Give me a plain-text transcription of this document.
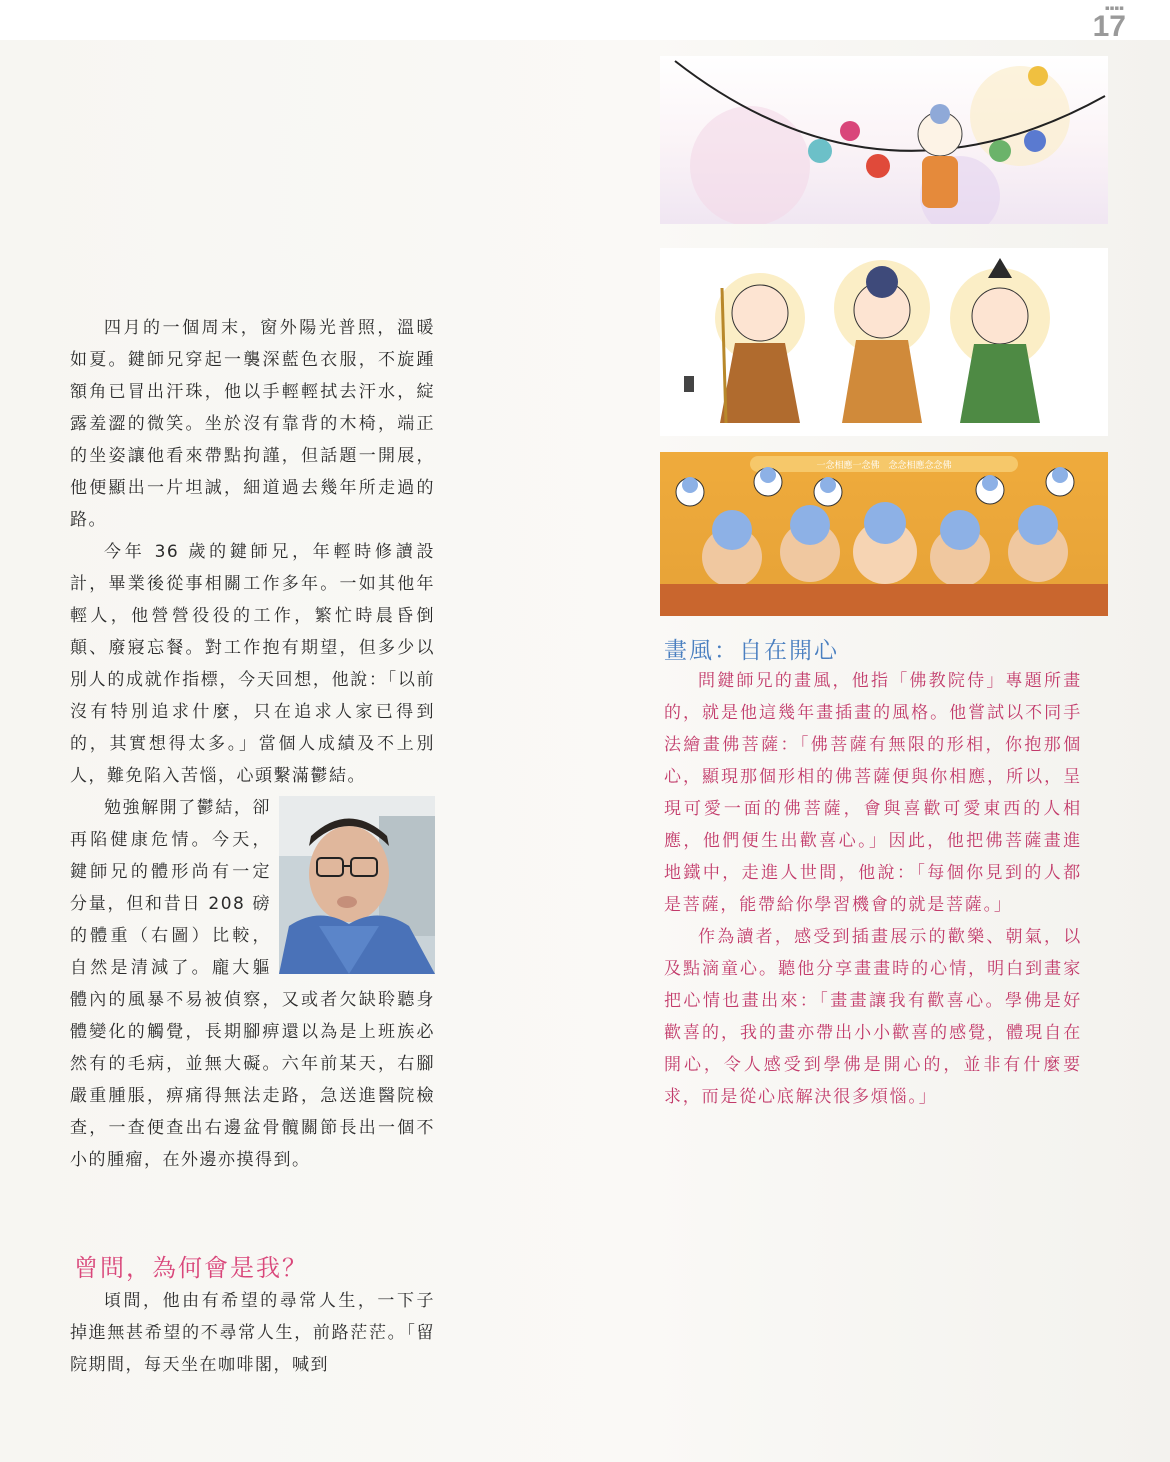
▪▪▪▪
17

四月的一個周末，窗外陽光普照，溫暖如夏。鍵師兄穿起一襲深藍色衣服，不旋踵額角已冒出汗珠，他以手輕輕拭去汗水，綻露羞澀的微笑。坐於沒有靠背的木椅，端正的坐姿讓他看來帶點拘謹，但話題一開展，他便顯出一片坦誠，細道過去幾年所走過的路。

今年 36 歲的鍵師兄，年輕時修讀設計，畢業後從事相關工作多年。一如其他年輕人，他營營役役的工作，繁忙時晨昏倒顛、廢寢忘餐。對工作抱有期望，但多少以別人的成就作指標，今天回想，他說：「以前沒有特別追求什麼，只在追求人家已得到的，其實想得太多。」當個人成績及不上別人，難免陷入苦惱，心頭繫滿鬱結。

勉強解開了鬱結，卻再陷健康危情。今天，鍵師兄的體形尚有一定分量，但和昔日 208 磅的體重（右圖）比較，自然是清減了。龐大軀體內的風暴不易被偵察，又或者欠缺聆聽身體變化的觸覺，長期腳痹還以為是上班族必然有的毛病，並無大礙。六年前某天，右腳嚴重腫脹，痹痛得無法走路，急送進醫院檢查，一查便查出右邊盆骨髖關節長出一個不小的腫瘤，在外邊亦摸得到。

曾問，為何會是我？

頃間，他由有希望的尋常人生，一下子掉進無甚希望的不尋常人生，前路茫茫。「留院期間，每天坐在咖啡閣，喊到

一念相應一念佛　念念相應念念佛
畫風：自在開心

問鍵師兄的畫風，他指「佛教院侍」專題所畫的，就是他這幾年畫插畫的風格。他嘗試以不同手法繪畫佛菩薩：「佛菩薩有無限的形相，你抱那個心，顯現那個形相的佛菩薩便與你相應，所以，呈現可愛一面的佛菩薩，會與喜歡可愛東西的人相應，他們便生出歡喜心。」因此，他把佛菩薩畫進地鐵中，走進人世間，他說：「每個你見到的人都是菩薩，能帶給你學習機會的就是菩薩。」

作為讀者，感受到插畫展示的歡樂、朝氣，以及點滴童心。聽他分享畫畫時的心情，明白到畫家把心情也畫出來：「畫畫讓我有歡喜心。學佛是好歡喜的，我的畫亦帶出小小歡喜的感覺，體現自在開心，令人感受到學佛是開心的，並非有什麼要求，而是從心底解決很多煩惱。」
